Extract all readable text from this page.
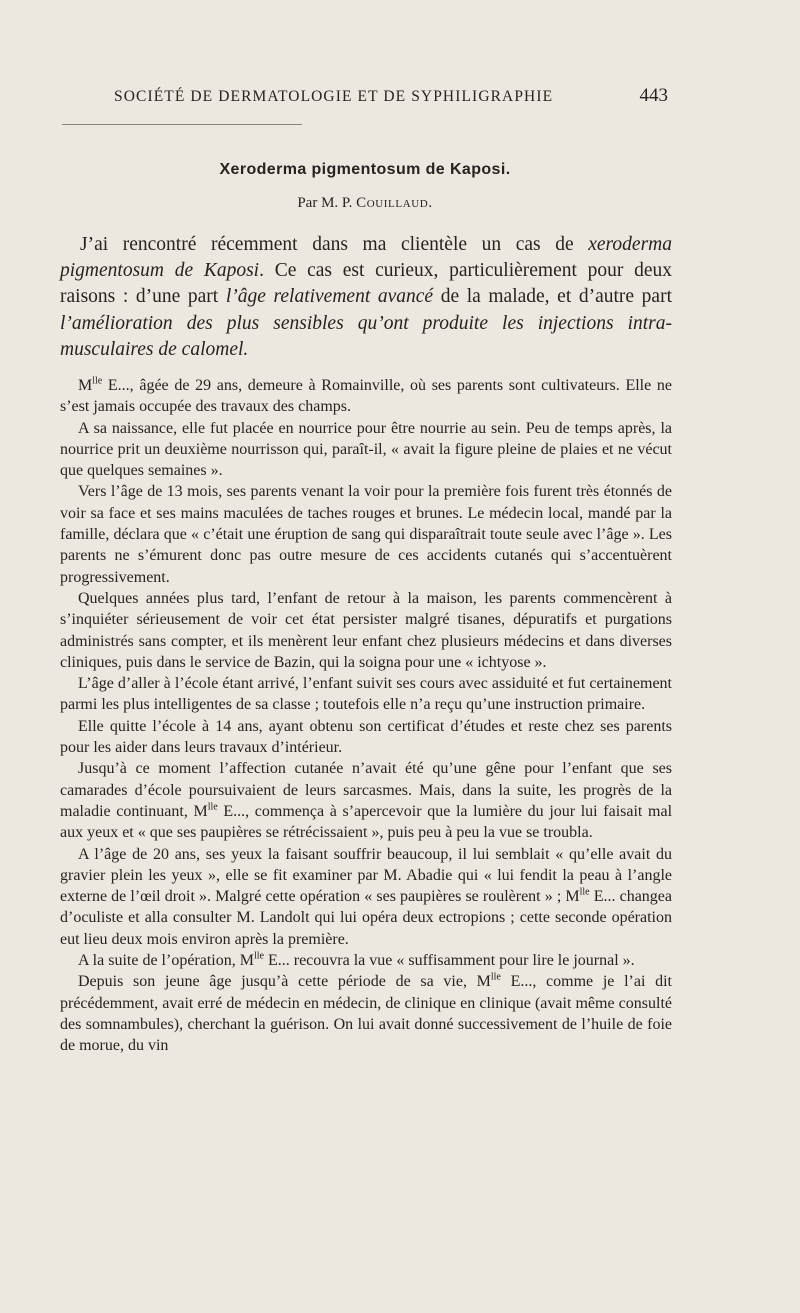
SOCIÉTÉ DE DERMATOLOGIE ET DE SYPHILIGRAPHIE	443
Xeroderma pigmentosum de Kaposi.
Par M. P. Couillaud.

J’ai rencontré récemment dans ma clientèle un cas de xeroderma pigmentosum de Kaposi. Ce cas est curieux, particulièrement pour deux raisons : d’une part l’âge relativement avancé de la malade, et d’autre part l’amélioration des plus sensibles qu’ont produite les injections intra-musculaires de calomel.

$M^{lle}$ E..., âgée de 29 ans, demeure à Romainville, où ses parents sont cultivateurs. Elle ne s’est jamais occupée des travaux des champs.

A sa naissance, elle fut placée en nourrice pour être nourrie au sein. Peu de temps après, la nourrice prit un deuxième nourrisson qui, paraît-il, « avait la figure pleine de plaies et ne vécut que quelques semaines ».

Vers l’âge de 13 mois, ses parents venant la voir pour la première fois furent très étonnés de voir sa face et ses mains maculées de taches rouges et brunes. Le médecin local, mandé par la famille, déclara que « c’était une éruption de sang qui disparaîtrait toute seule avec l’âge ». Les parents ne s’émurent donc pas outre mesure de ces accidents cutanés qui s’accentuèrent progressivement.

Quelques années plus tard, l’enfant de retour à la maison, les parents commencèrent à s’inquiéter sérieusement de voir cet état persister malgré tisanes, dépuratifs et purgations administrés sans compter, et ils menèrent leur enfant chez plusieurs médecins et dans diverses cliniques, puis dans le service de Bazin, qui la soigna pour une « ichtyose ».

L’âge d’aller à l’école étant arrivé, l’enfant suivit ses cours avec assiduité et fut certainement parmi les plus intelligentes de sa classe ; toutefois elle n’a reçu qu’une instruction primaire.

Elle quitte l’école à 14 ans, ayant obtenu son certificat d’études et reste chez ses parents pour les aider dans leurs travaux d’intérieur.

Jusqu’à ce moment l’affection cutanée n’avait été qu’une gêne pour l’enfant que ses camarades d’école poursuivaient de leurs sarcasmes. Mais, dans la suite, les progrès de la maladie continuant, $M^{lle}$ E..., commença à s’apercevoir que la lumière du jour lui faisait mal aux yeux et « que ses paupières se rétrécissaient », puis peu à peu la vue se troubla.

A l’âge de 20 ans, ses yeux la faisant souffrir beaucoup, il lui semblait « qu’elle avait du gravier plein les yeux », elle se fit examiner par M. Abadie qui « lui fendit la peau à l’angle externe de l’œil droit ». Malgré cette opération « ses paupières se roulèrent » ; $M^{lle}$ E... changea d’oculiste et alla consulter M. Landolt qui lui opéra deux ectropions ; cette seconde opération eut lieu deux mois environ après la première.

A la suite de l’opération, $M^{lle}$ E... recouvra la vue « suffisamment pour lire le journal ».

Depuis son jeune âge jusqu’à cette période de sa vie, $M^{lle}$ E..., comme je l’ai dit précédemment, avait erré de médecin en médecin, de clinique en clinique (avait même consulté des somnambules), cherchant la guérison. On lui avait donné successivement de l’huile de foie de morue, du vin
